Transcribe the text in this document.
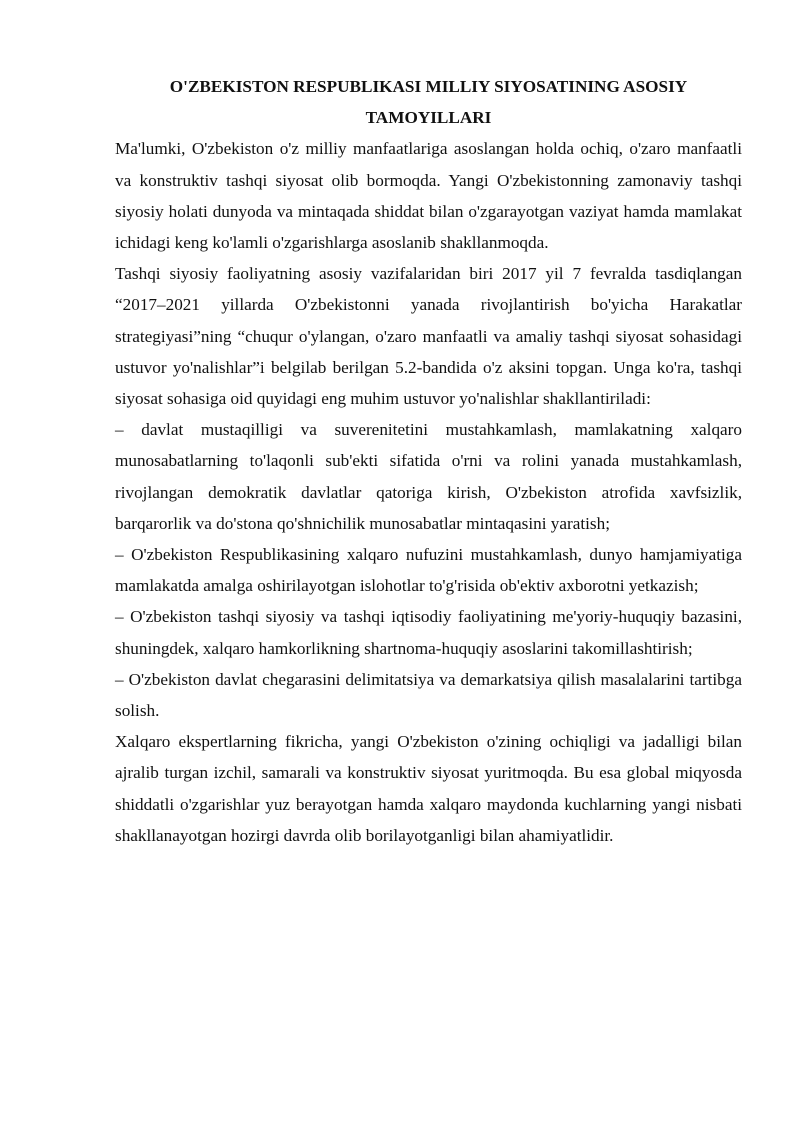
O'ZBEKISTON RESPUBLIKASI MILLIY SIYOSATINING ASOSIY TAMOYILLARI

Ma'lumki, O'zbekiston o'z milliy manfaatlariga asoslangan holda ochiq, o'zaro manfaatli va konstruktiv tashqi siyosat olib bormoqda. Yangi O'zbekistonning zamonaviy tashqi siyosiy holati dunyoda va mintaqada shiddat bilan o'zgarayotgan vaziyat hamda mamlakat ichidagi keng ko'lamli o'zgarishlarga asoslanib shakllanmoqda.

Tashqi siyosiy faoliyatning asosiy vazifalaridan biri 2017 yil 7 fevralda tasdiqlangan “2017–2021 yillarda O'zbekistonni yanada rivojlantirish bo'yicha Harakatlar strategiyasi”ning “chuqur o'ylangan, o'zaro manfaatli va amaliy tashqi siyosat sohasidagi ustuvor yo'nalishlar”i belgilab berilgan 5.2-bandida o'z aksini topgan. Unga ko'ra, tashqi siyosat sohasiga oid quyidagi eng muhim ustuvor yo'nalishlar shakllantiriladi:

– davlat mustaqilligi va suverenitetini mustahkamlash, mamlakatning xalqaro munosabatlarning to'laqonli sub'ekti sifatida o'rni va rolini yanada mustahkamlash, rivojlangan demokratik davlatlar qatoriga kirish, O'zbekiston atrofida xavfsizlik, barqarorlik va do'stona qo'shnichilik munosabatlar mintaqasini yaratish;

– O'zbekiston Respublikasining xalqaro nufuzini mustahkamlash, dunyo hamjamiyatiga mamlakatda amalga oshirilayotgan islohotlar to'g'risida ob'ektiv axborotni yetkazish;

– O'zbekiston tashqi siyosiy va tashqi iqtisodiy faoliyatining me'yoriy-huquqiy bazasini, shuningdek, xalqaro hamkorlikning shartnoma-huquqiy asoslarini takomillashtirish;

– O'zbekiston davlat chegarasini delimitatsiya va demarkatsiya qilish masalalarini tartibga solish.

Xalqaro ekspertlarning fikricha, yangi O'zbekiston o'zining ochiqligi va jadalligi bilan ajralib turgan izchil, samarali va konstruktiv siyosat yuritmoqda. Bu esa global miqyosda shiddatli o'zgarishlar yuz berayotgan hamda xalqaro maydonda kuchlarning yangi nisbati shakllanayotgan hozirgi davrda olib borilayotganligi bilan ahamiyatlidir.
